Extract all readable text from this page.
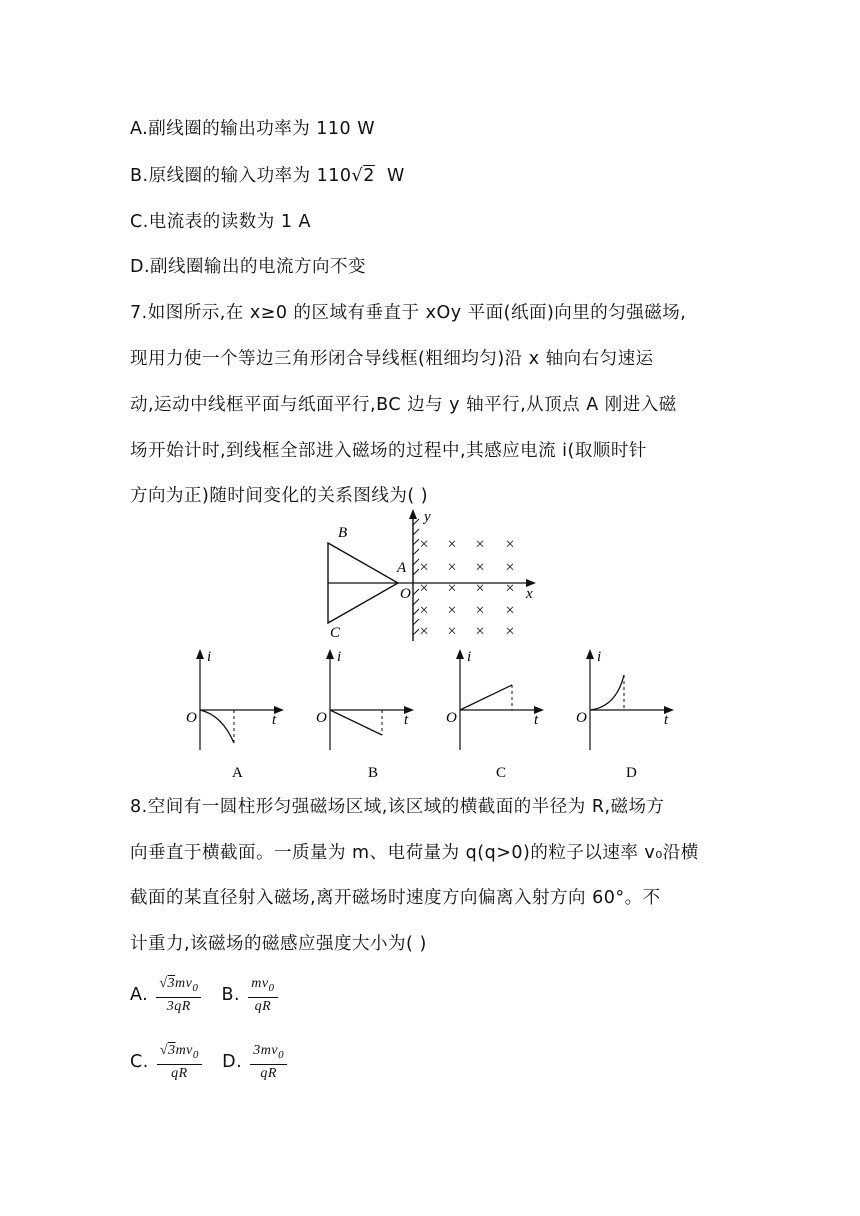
A.副线圈的输出功率为 110 W
B.原线圈的输入功率为 110√2 W
C.电流表的读数为 1 A
D.副线圈输出的电流方向不变
7.如图所示,在 x≥0 的区域有垂直于 xOy 平面(纸面)向里的匀强磁场,
现用力使一个等边三角形闭合导线框(粗细均匀)沿 x 轴向右匀速运
动,运动中线框平面与纸面平行,BC 边与 y 轴平行,从顶点 A 刚进入磁
场开始计时,到线框全部进入磁场的过程中,其感应电流 i(取顺时针
方向为正)随时间变化的关系图线为( )
× × × ×
× × × ×
× × × ×
× × × ×
× × × ×
B
A
C
O	x
y
i
O	t
A
i
O	t
B
i
O	t
C
i
O	t
D
8.空间有一圆柱形匀强磁场区域,该区域的横截面的半径为 R,磁场方
向垂直于横截面。一质量为 m、电荷量为 q(q>0)的粒子以速率 v₀沿横
截面的某直径射入磁场,离开磁场时速度方向偏离入射方向 60°。不
计重力,该磁场的磁感应强度大小为( )
A. $\frac{√3mv_0}{3qR} B$. $\frac{mv_0}{qR}$
C. $\frac{√3mv_0}{qR} D$. $\frac{3mv_0}{qR}$
